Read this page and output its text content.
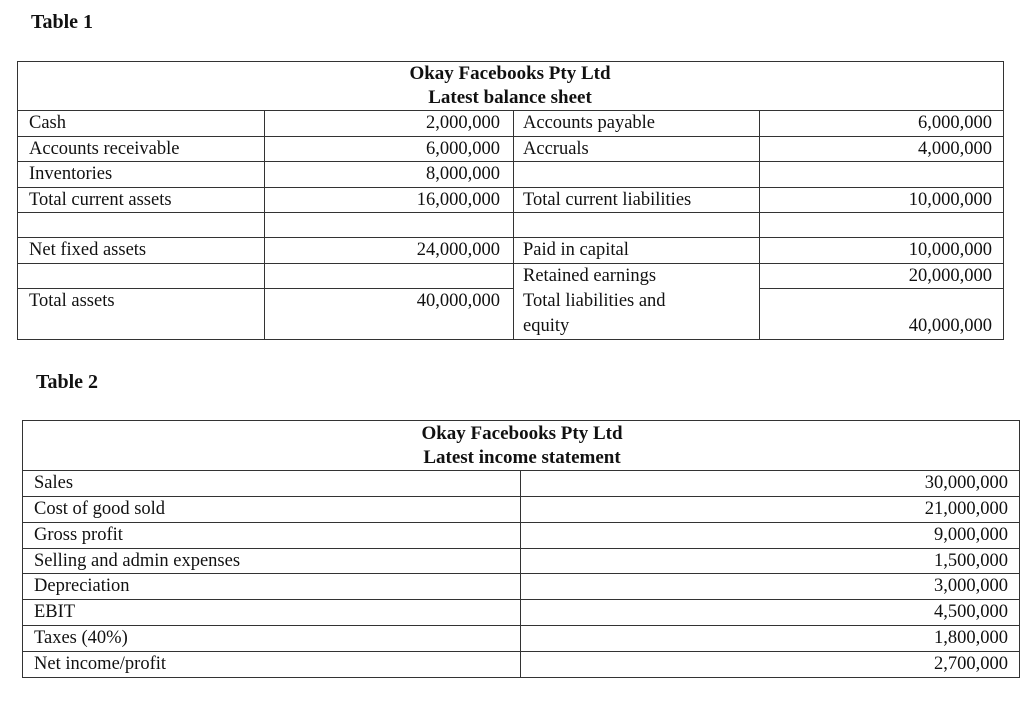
Table 1
Okay Facebooks Pty Ltd
Latest balance sheet
Cash
Accounts receivable
Inventories
Total current assets
Net fixed assets
Total assets
2,000,000
6,000,000
8,000,000
16,000,000
24,000,000
40,000,000
Accounts payable
Accruals
Total current liabilities
Paid in capital
Retained earnings
Total liabilities and
equity
6,000,000
4,000,000
10,000,000
10,000,000
20,000,000
40,000,000
Table 2
Okay Facebooks Pty Ltd
Latest income statement
Sales
Cost of good sold
Gross profit
Selling and admin expenses
Depreciation
EBIT
Taxes (40%)
Net income/profit
30,000,000
21,000,000
9,000,000
1,500,000
3,000,000
4,500,000
1,800,000
2,700,000
